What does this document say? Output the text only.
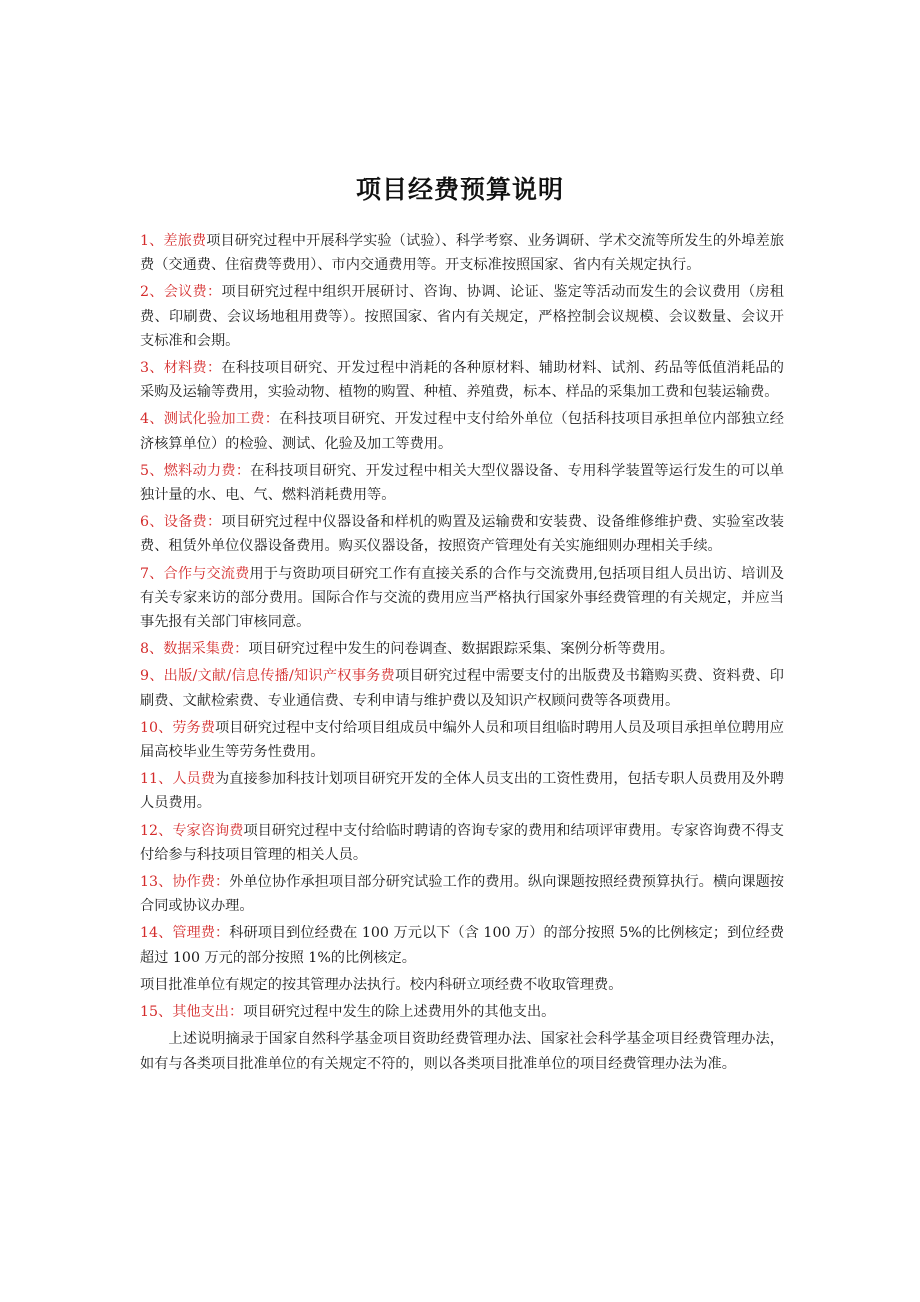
项目经费预算说明

1、差旅费项目研究过程中开展科学实验（试验）、科学考察、业务调研、学术交流等所发生的外埠差旅费（交通费、住宿费等费用）、市内交通费用等。开支标准按照国家、省内有关规定执行。

2、会议费：项目研究过程中组织开展研讨、咨询、协调、论证、鉴定等活动而发生的会议费用（房租费、印刷费、会议场地租用费等）。按照国家、省内有关规定，严格控制会议规模、会议数量、会议开支标准和会期。

3、材料费：在科技项目研究、开发过程中消耗的各种原材料、辅助材料、试剂、药品等低值消耗品的采购及运输等费用，实验动物、植物的购置、种植、养殖费，标本、样品的采集加工费和包装运输费。

4、测试化验加工费：在科技项目研究、开发过程中支付给外单位（包括科技项目承担单位内部独立经济核算单位）的检验、测试、化验及加工等费用。

5、燃料动力费：在科技项目研究、开发过程中相关大型仪器设备、专用科学装置等运行发生的可以单独计量的水、电、气、燃料消耗费用等。

6、设备费：项目研究过程中仪器设备和样机的购置及运输费和安装费、设备维修维护费、实验室改装费、租赁外单位仪器设备费用。购买仪器设备，按照资产管理处有关实施细则办理相关手续。

7、合作与交流费用于与资助项目研究工作有直接关系的合作与交流费用,包括项目组人员出访、培训及有关专家来访的部分费用。国际合作与交流的费用应当严格执行国家外事经费管理的有关规定，并应当事先报有关部门审核同意。

8、数据采集费：项目研究过程中发生的问卷调查、数据跟踪采集、案例分析等费用。

9、出版/文献/信息传播/知识产权事务费项目研究过程中需要支付的出版费及书籍购买费、资料费、印刷费、文献检索费、专业通信费、专利申请与维护费以及知识产权顾问费等各项费用。

10、劳务费项目研究过程中支付给项目组成员中编外人员和项目组临时聘用人员及项目承担单位聘用应届高校毕业生等劳务性费用。

11、人员费为直接参加科技计划项目研究开发的全体人员支出的工资性费用，包括专职人员费用及外聘人员费用。

12、专家咨询费项目研究过程中支付给临时聘请的咨询专家的费用和结项评审费用。专家咨询费不得支付给参与科技项目管理的相关人员。

13、协作费：外单位协作承担项目部分研究试验工作的费用。纵向课题按照经费预算执行。横向课题按合同或协议办理。

14、管理费：科研项目到位经费在 100 万元以下（含 100 万）的部分按照 5%的比例核定；到位经费超过 100 万元的部分按照 1%的比例核定。

项目批准单位有规定的按其管理办法执行。校内科研立项经费不收取管理费。

15、其他支出：项目研究过程中发生的除上述费用外的其他支出。

上述说明摘录于国家自然科学基金项目资助经费管理办法、国家社会科学基金项目经费管理办法，如有与各类项目批准单位的有关规定不符的，则以各类项目批准单位的项目经费管理办法为准。
